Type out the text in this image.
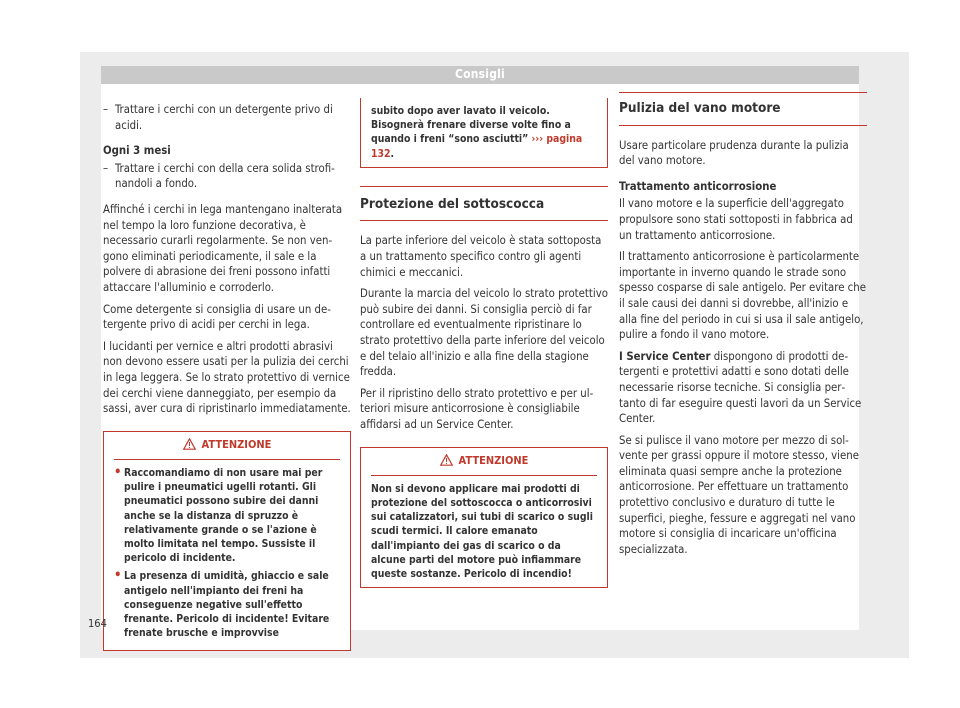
Consigli
– Trattare i cerchi con un detergente privo di acidi.

Ogni 3 mesi

– Trattare i cerchi con della cera solida strofinandoli a fondo.

Affinché i cerchi in lega mantengano inalterata nel tempo la loro funzione decorativa, è necessario curarli regolarmente. Se non vengono eliminati periodicamente, il sale e la polvere di abrasione dei freni possono infatti attaccare l'alluminio e corroderlo.

Come detergente si consiglia di usare un detergente privo di acidi per cerchi in lega.

I lucidanti per vernice e altri prodotti abrasivi non devono essere usati per la pulizia dei cerchi in lega leggera. Se lo strato protettivo di vernice dei cerchi viene danneggiato, per esempio da sassi, aver cura di ripristinarlo immediatamente.

ATTENZIONE
• Raccomandiamo di non usare mai per pulire i pneumatici ugelli rotanti. Gli pneumatici possono subire dei danni anche se la distanza di spruzzo è relativamente grande o se l'azione è molto limitata nel tempo. Sussiste il pericolo di incidente.
• La presenza di umidità, ghiaccio e sale antigelo nell'impianto dei freni ha conseguenze negative sull'effetto frenante. Pericolo di incidente! Evitare frenate brusche e improvvise
subito dopo aver lavato il veicolo. Bisognerà frenare diverse volte fino a quando i freni “sono asciutti” ››› pagina 132.
Protezione del sottoscocca

La parte inferiore del veicolo è stata sottoposta a un trattamento specifico contro gli agenti chimici e meccanici.

Durante la marcia del veicolo lo strato protettivo può subire dei danni. Si consiglia perciò di far controllare ed eventualmente ripristinare lo strato protettivo della parte inferiore del veicolo e del telaio all'inizio e alla fine della stagione fredda.

Per il ripristino dello strato protettivo e per ulteriori misure anticorrosione è consigliabile affidarsi ad un Service Center.

ATTENZIONE
Non si devono applicare mai prodotti di protezione del sottoscocca o anticorrosivi sui catalizzatori, sui tubi di scarico o sugli scudi termici. Il calore emanato dall'impianto dei gas di scarico o da alcune parti del motore può infiammare queste sostanze. Pericolo di incendio!
Pulizia del vano motore

Usare particolare prudenza durante la pulizia del vano motore.

Trattamento anticorrosione

Il vano motore e la superficie dell'aggregato propulsore sono stati sottoposti in fabbrica ad un trattamento anticorrosione.

Il trattamento anticorrosione è particolarmente importante in inverno quando le strade sono spesso cosparse di sale antigelo. Per evitare che il sale causi dei danni si dovrebbe, all'inizio e alla fine del periodo in cui si usa il sale antigelo, pulire a fondo il vano motore.

I Service Center dispongono di prodotti detergenti e protettivi adatti e sono dotati delle necessarie risorse tecniche. Si consiglia pertanto di far eseguire questi lavori da un Service Center.

Se si pulisce il vano motore per mezzo di solvente per grassi oppure il motore stesso, viene eliminata quasi sempre anche la protezione anticorrosione. Per effettuare un trattamento protettivo conclusivo e duraturo di tutte le superfici, pieghe, fessure e aggregati nel vano motore si consiglia di incaricare un'officina specializzata.

164
